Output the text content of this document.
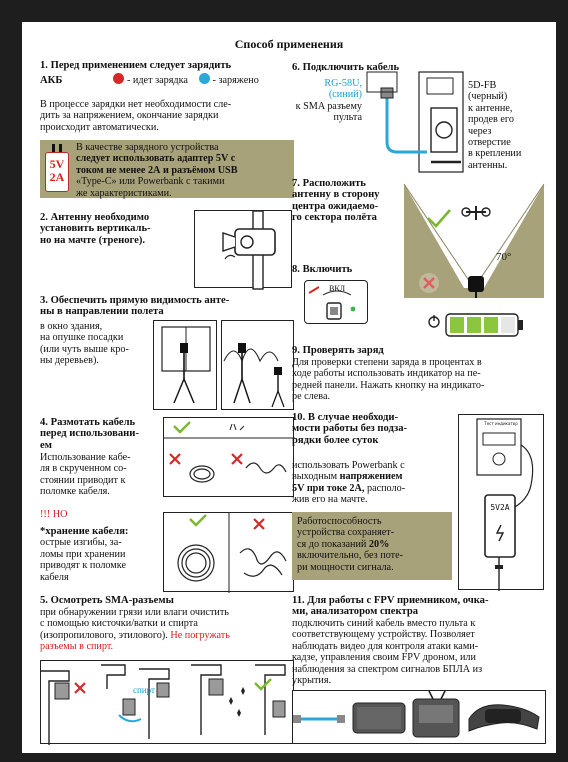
Способ применения
1. Перед применением следует зарядить
АКБ	- идет зарядка - заряжено
В процессе зарядки нет необходимости сле-
дить за напряжением, окончание зарядки
происходит автоматически.
5V
2A
В качестве зарядного устройства
следует использовать адаптер 5V с
током не менее 2А и разъёмом USB
«Type-C» или Powerbank с такими
же характеристиками.
2. Антенну необходимо
установить вертикаль-
но на мачте (треноге).
3. Обеспечить прямую видимость анте-
ны в направлении полета
в окно здания,
на опушке посадки
(или чуть выше кро-
ны деревьев).
4. Размотать кабель
перед использовани-
ем
Использование кабе-
ля в скрученном со-
стоянии приводит к
поломке кабеля.
!!! НО
*хранение кабеля:
острые изгибы, за-
ломы при хранении
приводят к поломке
кабеля
5. Осмотреть SMA-разъемы
при обнаружении грязи или влаги очистить
с помощью кисточки/ватки и спирта
(изопропилового, этилового). Не погружать
разъемы в спирт.
спирт
6. Подключить кабель
RG-58U,
(синий)
к SMA разъему
пульта
5D-FB
(черный)
к антенне,
продев его
через
отверстие
в креплении
антенны.
7. Расположить
антенну в сторону
центра ожидаемо-
го сектора полёта
70°
8. Включить
ВКЛ
9. Проверять заряд
Для проверки степени заряда в процентах в
ходе работы использовать индикатор на пе-
редней панели. Нажать кнопку на индикато-
ре слева.
10. В случае необходи-
мости работы без подза-
рядки более суток
использовать Powerbank с
выходным напряжением
5V при токе 2А, располо-
жив его на мачте.
Работоспособность
устройства сохраняет-
ся до показаний 20%
включительно, без поте-
ри мощности сигнала.
Тест индикатор
5V2A
11. Для работы с FPV приемником, очка-
ми, анализатором спектра
подключить синий кабель вместо пульта к
соответствующему устройству. Позволяет
наблюдать видео для контроля атаки ками-
кадзе, управления своим FPV дроном, или
наблюдения за спектром сигналов БПЛА из
укрытия.
